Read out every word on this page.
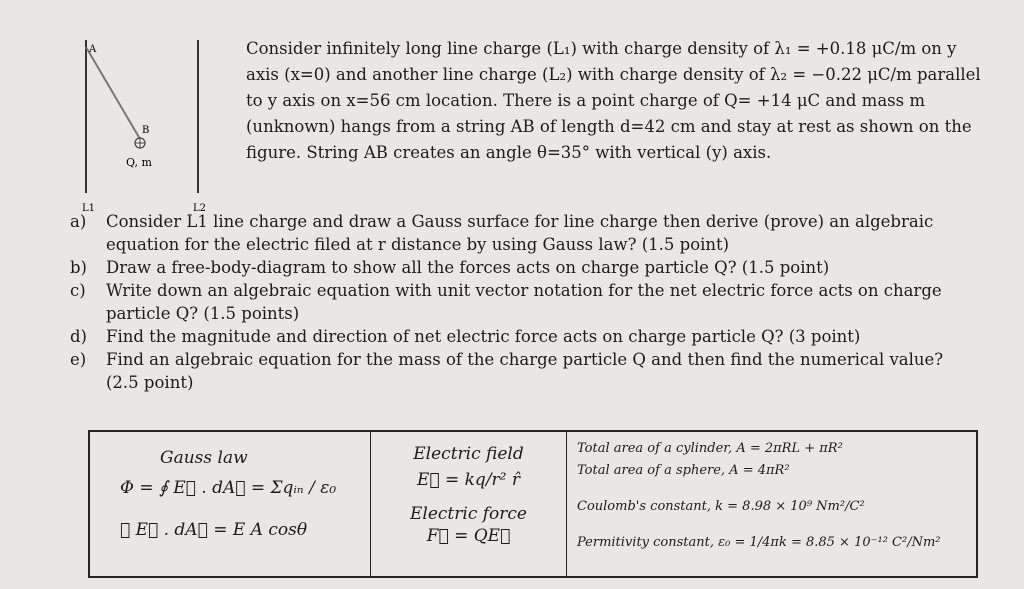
A
B
Q, m
L1	L2
Consider infinitely long line charge (L₁) with charge density of λ₁ = +0.18 μC/m on y
axis (x=0) and another line charge (L₂) with charge density of λ₂ = −0.22 μC/m parallel
to y axis on x=56 cm location. There is a point charge of Q= +14 μC and mass m
(unknown) hangs from a string AB of length d=42 cm and stay at rest as shown on the
figure. String AB creates an angle θ=35° with vertical (y) axis.
a)	Consider L1 line charge and draw a Gauss surface for line charge then derive (prove) an algebraic
equation for the electric filed at r distance by using Gauss law? (1.5 point)
b)	Draw a free-body-diagram to show all the forces acts on charge particle Q? (1.5 point)
c)	Write down an algebraic equation with unit vector notation for the net electric force acts on charge
particle Q? (1.5 points)
d)	Find the magnitude and direction of net electric force acts on charge particle Q? (3 point)
e)	Find an algebraic equation for the mass of the charge particle Q and then find the numerical value?
(2.5 point)
Gauss law
Φ = ∮ E⃗ . dA⃗ = Σqᵢₙ / ε₀
∮ E⃗ . dA⃗ = E A cosθ

Electric field
E⃗ = kq/r² r̂
Electric force
F⃗ = QE⃗

Total area of a cylinder, A = 2πRL + πR²
Total area of a sphere, A = 4πR²
Coulomb's constant, k = 8.98 × 10⁹ Nm²/C²
Permitivity constant, ε₀ = 1/4πk = 8.85 × 10⁻¹² C²/Nm²
